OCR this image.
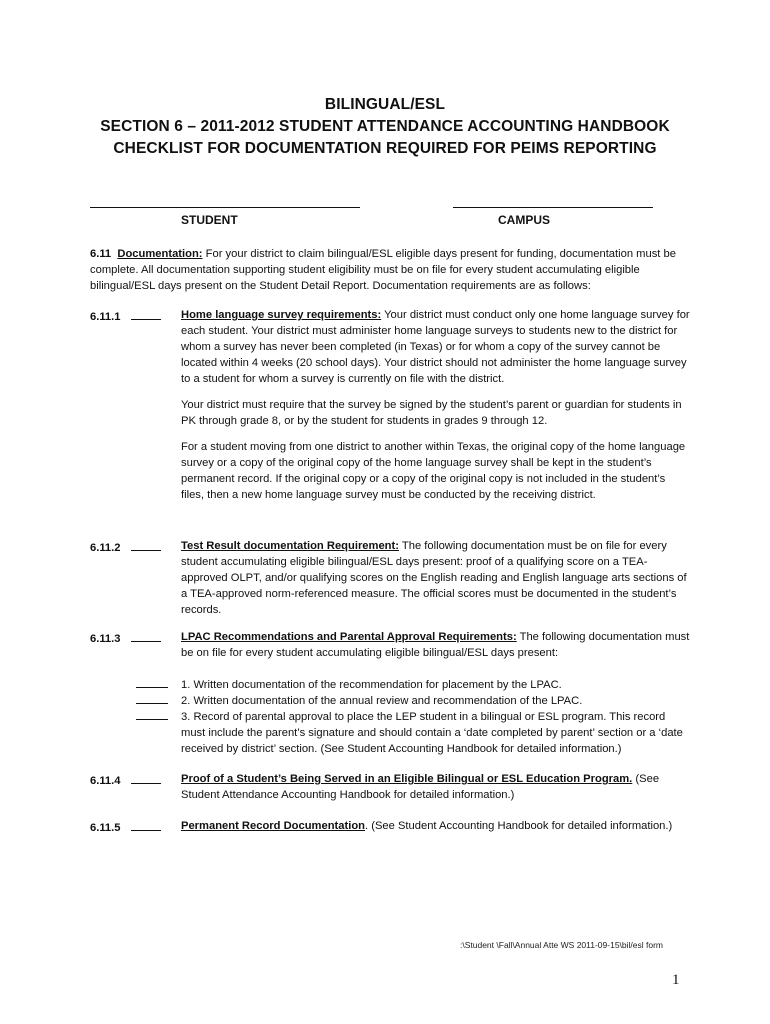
BILINGUAL/ESL
SECTION 6 – 2011-2012 STUDENT ATTENDANCE ACCOUNTING HANDBOOK
CHECKLIST FOR DOCUMENTATION REQUIRED FOR PEIMS REPORTING
STUDENT	CAMPUS
6.11 Documentation: For your district to claim bilingual/ESL eligible days present for funding, documentation must be complete. All documentation supporting student eligibility must be on file for every student accumulating eligible bilingual/ESL days present on the Student Detail Report. Documentation requirements are as follows:
6.11.1	Home language survey requirements: Your district must conduct only one home language survey for each student. Your district must administer home language surveys to students new to the district for whom a survey has never been completed (in Texas) or for whom a copy of the survey cannot be located within 4 weeks (20 school days). Your district should not administer the home language survey to a student for whom a survey is currently on file with the district.

Your district must require that the survey be signed by the student’s parent or guardian for students in PK through grade 8, or by the student for students in grades 9 through 12.

For a student moving from one district to another within Texas, the original copy of the home language survey or a copy of the original copy of the home language survey shall be kept in the student’s permanent record. If the original copy or a copy of the original copy is not included in the student’s files, then a new home language survey must be conducted by the receiving district.

6.11.2	Test Result documentation Requirement: The following documentation must be on file for every student accumulating eligible bilingual/ESL days present: proof of a qualifying score on a TEA-approved OLPT, and/or qualifying scores on the English reading and English language arts sections of a TEA-approved norm-referenced measure. The official scores must be documented in the student’s records.

6.11.3	LPAC Recommendations and Parental Approval Requirements: The following documentation must be on file for every student accumulating eligible bilingual/ESL days present:

1. Written documentation of the recommendation for placement by the LPAC.
2. Written documentation of the annual review and recommendation of the LPAC.
3. Record of parental approval to place the LEP student in a bilingual or ESL program. This record must include the parent’s signature and should contain a ‘date completed by parent’ section or a ‘date received by district’ section. (See Student Accounting Handbook for detailed information.)
6.11.4	Proof of a Student’s Being Served in an Eligible Bilingual or ESL Education Program. (See Student Attendance Accounting Handbook for detailed information.)

6.11.5	Permanent Record Documentation. (See Student Accounting Handbook for detailed information.)

:\Student \Fall\Annual Atte WS 2011-09-15\bil/esl form
1
